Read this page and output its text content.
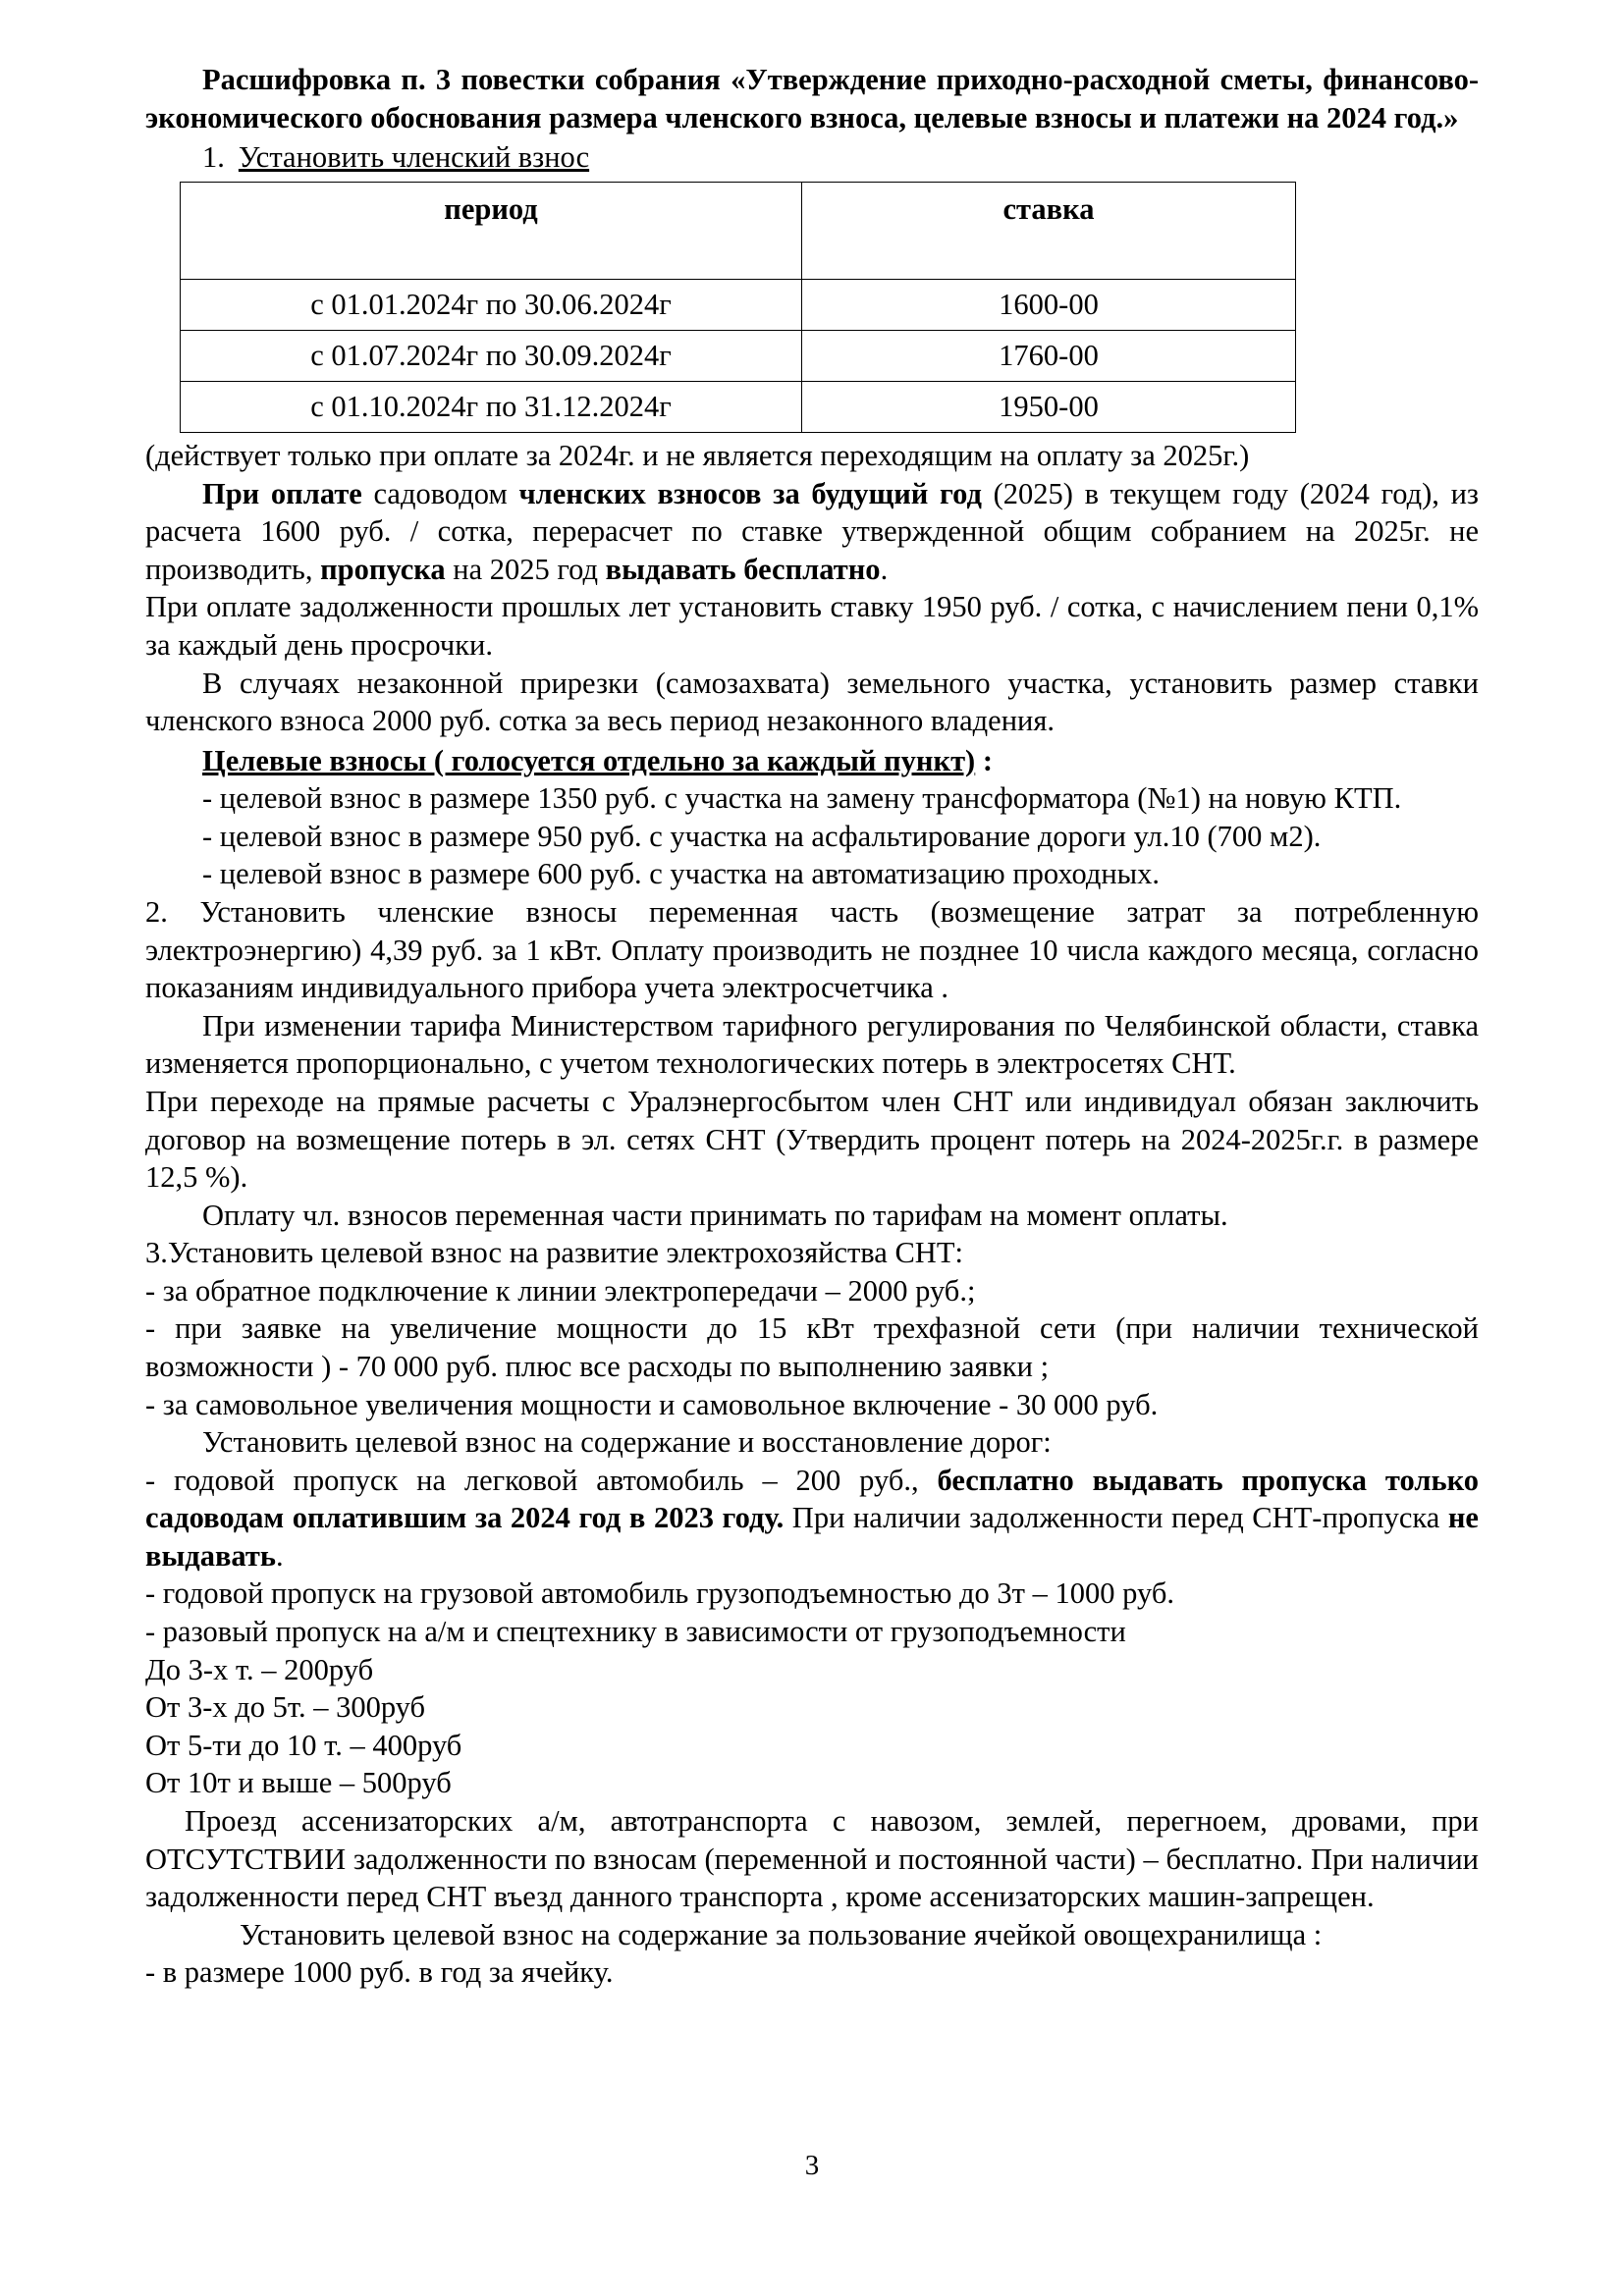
Расшифровка п. 3 повестки собрания «Утверждение приходно-расходной сметы, финансово-экономического обоснования размера членского взноса, целевые взносы и платежи на 2024 год.»

1. Установить членский взнос

период	ставка
с 01.01.2024г по 30.06.2024г	1600-00
с 01.07.2024г по 30.09.2024г	1760-00
с 01.10.2024г по 31.12.2024г	1950-00

(действует только при оплате за 2024г. и не является переходящим на оплату за 2025г.)

При оплате садоводом членских взносов за будущий год (2025) в текущем году (2024 год), из расчета 1600 руб. / сотка, перерасчет по ставке утвержденной общим собранием на 2025г. не производить, пропуска на 2025 год выдавать бесплатно.

При оплате задолженности прошлых лет установить ставку 1950 руб. / сотка, с начислением пени 0,1% за каждый день просрочки.

В случаях незаконной прирезки (самозахвата) земельного участка, установить размер ставки членского взноса 2000 руб. сотка за весь период незаконного владения.

Целевые взносы ( голосуется отдельно за каждый пункт) :

- целевой взнос в размере 1350 руб. с участка на замену трансформатора (№1) на новую КТП.

- целевой взнос в размере 950 руб. с участка на асфальтирование дороги ул.10 (700 м2).

- целевой взнос в размере 600 руб. с участка на автоматизацию проходных.

2. Установить членские взносы переменная часть (возмещение затрат за потребленную электроэнергию) 4,39 руб. за 1 кВт. Оплату производить не позднее 10 числа каждого месяца, согласно показаниям индивидуального прибора учета электросчетчика .

При изменении тарифа Министерством тарифного регулирования по Челябинской области, ставка изменяется пропорционально, с учетом технологических потерь в электросетях СНТ.

При переходе на прямые расчеты с Уралэнергосбытом член СНТ или индивидуал обязан заключить договор на возмещение потерь в эл. сетях СНТ (Утвердить процент потерь на 2024-2025г.г. в размере 12,5 %).

Оплату чл. взносов переменная части принимать по тарифам на момент оплаты.

3.Установить целевой взнос на развитие электрохозяйства СНТ:

- за обратное подключение к линии электропередачи – 2000 руб.;

- при заявке на увеличение мощности до 15 кВт трехфазной сети (при наличии технической возможности ) - 70 000 руб. плюс все расходы по выполнению заявки ;

- за самовольное увеличения мощности и самовольное включение - 30 000 руб.

Установить целевой взнос на содержание и восстановление дорог:

- годовой пропуск на легковой автомобиль – 200 руб., бесплатно выдавать пропуска только садоводам оплатившим за 2024 год в 2023 году. При наличии задолженности перед СНТ-пропуска не выдавать.

- годовой пропуск на грузовой автомобиль грузоподъемностью до 3т – 1000 руб.

- разовый пропуск на а/м и спецтехнику в зависимости от грузоподъемности

До 3-х т. – 200руб

От 3-х до 5т. – 300руб

От 5-ти до 10 т. – 400руб

От 10т и выше – 500руб

Проезд ассенизаторских а/м, автотранспорта с навозом, землей, перегноем, дровами, при ОТСУТСТВИИ задолженности по взносам (переменной и постоянной части) – бесплатно. При наличии задолженности перед СНТ въезд данного транспорта , кроме ассенизаторских машин-запрещен.

Установить целевой взнос на содержание за пользование ячейкой овощехранилища :

- в размере 1000 руб. в год за ячейку.

3
